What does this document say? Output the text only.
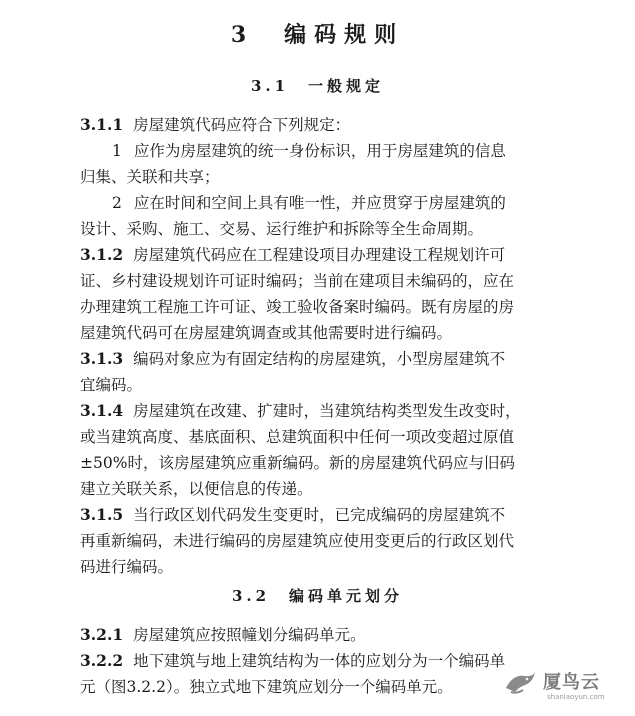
3　编码规则
3.1　一般规定
3.1.1 房屋建筑代码应符合下列规定：
1 应作为房屋建筑的统一身份标识，用于房屋建筑的信息
归集、关联和共享；
2 应在时间和空间上具有唯一性，并应贯穿于房屋建筑的
设计、采购、施工、交易、运行维护和拆除等全生命周期。
3.1.2 房屋建筑代码应在工程建设项目办理建设工程规划许可
证、乡村建设规划许可证时编码；当前在建项目未编码的，应在
办理建筑工程施工许可证、竣工验收备案时编码。既有房屋的房
屋建筑代码可在房屋建筑调查或其他需要时进行编码。
3.1.3 编码对象应为有固定结构的房屋建筑，小型房屋建筑不
宜编码。
3.1.4 房屋建筑在改建、扩建时，当建筑结构类型发生改变时，
或当建筑高度、基底面积、总建筑面积中任何一项改变超过原值
±50%时，该房屋建筑应重新编码。新的房屋建筑代码应与旧码
建立关联关系，以便信息的传递。
3.1.5 当行政区划代码发生变更时，已完成编码的房屋建筑不
再重新编码，未进行编码的房屋建筑应使用变更后的行政区划代
码进行编码。
3.2　编码单元划分
3.2.1 房屋建筑应按照幢划分编码单元。
3.2.2 地下建筑与地上建筑结构为一体的应划分为一个编码单
元（图3.2.2）。独立式地下建筑应划分一个编码单元。	厦鸟云
shaniaoyun.com
